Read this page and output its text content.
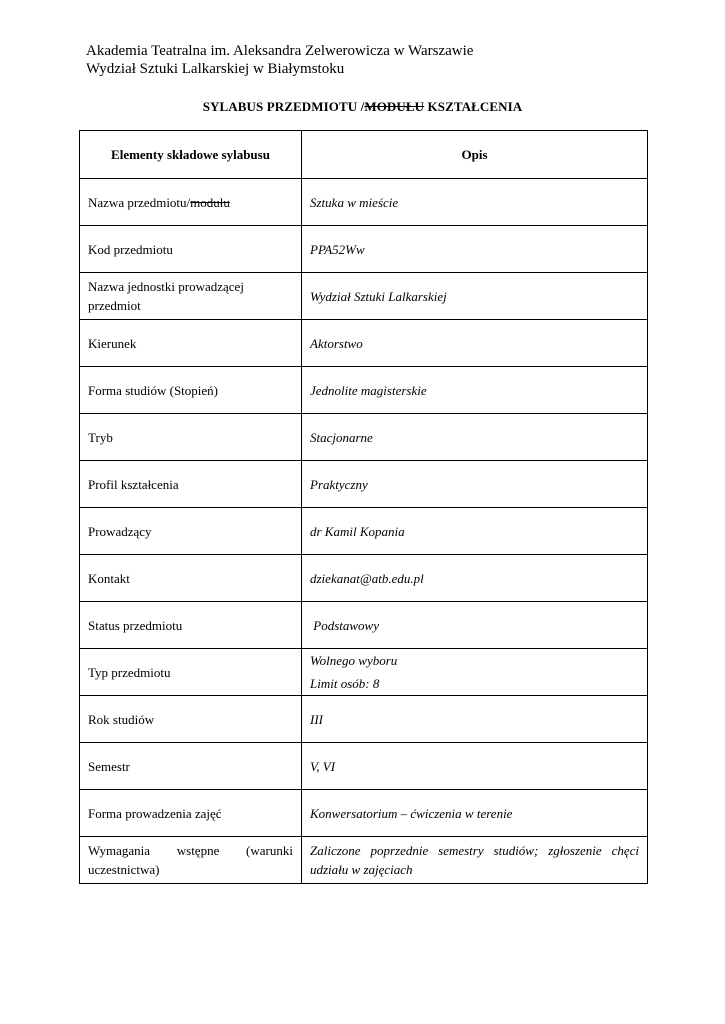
Akademia Teatralna im. Aleksandra Zelwerowicza w Warszawie
Wydział Sztuki Lalkarskiej w Białymstoku
SYLABUS PRZEDMIOTU /MODUŁU KSZTAŁCENIA
Elementy składowe sylabusu	Opis
Nazwa przedmiotu/modułu	Sztuka w mieście
Kod przedmiotu	PPA52Ww

Nazwa jednostki prowadzącej
przedmiot	Wydział Sztuki Lalkarskiej
Kierunek	Aktorstwo
Forma studiów (Stopień)	Jednolite magisterskie
Tryb	Stacjonarne
Profil kształcenia	Praktyczny
Prowadzący	dr Kamil Kopania
Kontakt	dziekanat@atb.edu.pl
Status przedmiotu	Podstawowy
Typ przedmiotu	Wolnego wyboru
Limit osób: 8

Rok studiów	III
Semestr	V, VI
Forma prowadzenia zajęć	Konwersatorium – ćwiczenia w terenie

Wymagania wstępne (warunki
uczestnictwa)	Zaliczone poprzednie semestry studiów; zgłoszenie chęci
udziału w zajęciach
